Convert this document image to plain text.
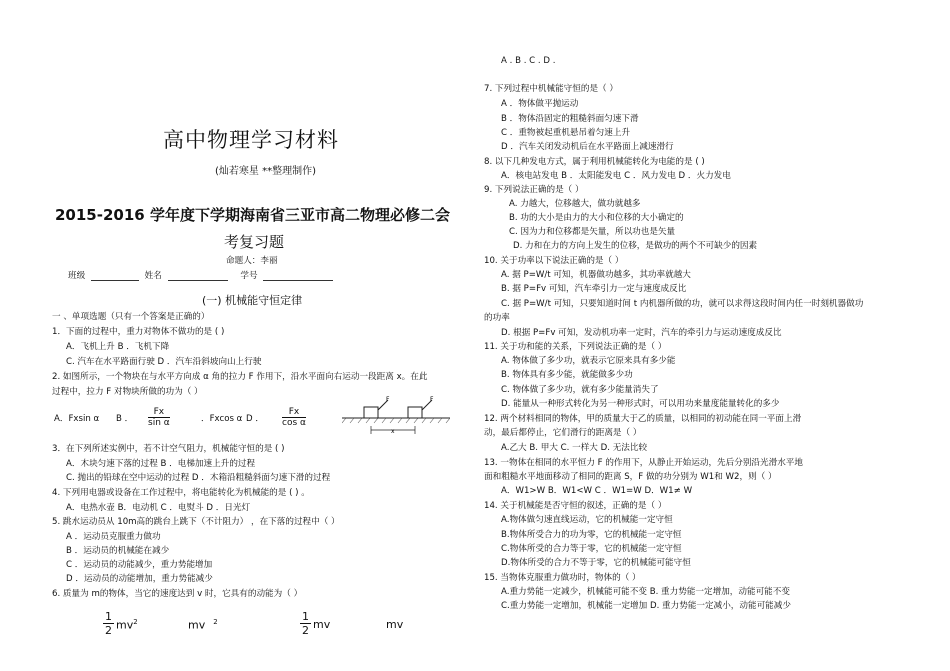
高中物理学习材料
(灿若寒星 **整理制作)
2015-2016 学年度下学期海南省三亚市高二物理必修二会
考复习题
命题人：李丽
班级	姓名	学号
(一) 机械能守恒定律
一 、单项选题（只有一个答案是正确的）
1．下面的过程中，重力对物体不做功的是 ( )
A．飞机上升 B ．飞机下降
C. 汽车在水平路面行驶 D ．汽车沿斜坡向山上行驶
2. 如图所示，一个物块在与水平方向成 α 角的拉力 F 作用下，沿水平面向右运动一段距离 x。在此
过程中，拉力 F 对物块所做的功为（ ）
A．Fxsin α B ． $\frac{Fx}{\text{sin α}}$	．Fxcos α D ． $\frac{Fx}{\text{cos α}}$
F	F
x
3．在下列所述实例中，若不计空气阻力，机械能守恒的是 ( )
A．木块匀速下落的过程 B ．电梯加速上升的过程
C. 抛出的铅球在空中运动的过程 D ．木箱沿粗糙斜面匀速下滑的过程
4. 下列用电器或设备在工作过程中，将电能转化为机械能的是 ( ) 。
A．电热水壶 B．电动机 C ．电熨斗 D ．日光灯
5. 跳水运动员从 10m高的跳台上跳下（不计阻力） ，在下落的过程中（ ）
A ．运动员克服重力做功
B ．运动员的机械能在减少
C ．运动员的动能减少，重力势能增加
D ．运动员的动能增加，重力势能减少
6. 质量为 m的物体，当它的速度达到 v 时，它具有的动能为（ ）
$\frac{1}{2} mv^2$	mv $^2$	$\frac{1}{2}$ mv	mv
A . B . C . D .
7. 下列过程中机械能守恒的是（ ）
A ．物体做平抛运动
B ．物体沿固定的粗糙斜面匀速下滑
C ．重物被起重机悬吊着匀速上升
D ．汽车关闭发动机后在水平路面上减速滑行
8. 以下几种发电方式，属于利用机械能转化为电能的是 ( )
A．核电站发电 B ．太阳能发电 C ．风力发电 D ．火力发电
9. 下列说法正确的是（ ）
A. 力越大，位移越大，做功就越多
B. 功的大小是由力的大小和位移的大小确定的
C. 因为力和位移都是矢量，所以功也是矢量
D. 力和在力的方向上发生的位移，是做功的两个不可缺少的因素
10. 关于功率以下说法正确的是（ ）
A. 据 P=W/t 可知，机器做功越多，其功率就越大
B. 据 P=Fv 可知，汽车牵引力一定与速度成反比
C. 据 P=W/t 可知，只要知道时间 t 内机器所做的功，就可以求得这段时间内任一时刻机器做功
的功率
D. 根据 P=Fv 可知，发动机功率一定时，汽车的牵引力与运动速度成反比
11. 关于功和能的关系，下列说法正确的是（ ）
A. 物体做了多少功，就表示它原来具有多少能
B. 物体具有多少能，就能做多少功
C. 物体做了多少功，就有多少能量消失了
D. 能量从一种形式转化为另一种形式时，可以用功来量度能量转化的多少
12. 两个材料相同的物体，甲的质量大于乙的质量，以相同的初动能在同一平面上滑
动，最后都停止，它们滑行的距离是（ ）
A.乙大 B. 甲大 C. 一样大 D. 无法比较
13. 一物体在相同的水平恒力 F 的作用下，从静止开始运动，先后分别沿光滑水平地
面和粗糙水平地面移动了相同的距离 S，F 做的功分别为 W1和 W2，则（ ）
A．W1>W B．W1<W C ．W1=W D．W1≠ W
14. 关于机械能是否守恒的叙述，正确的是（ ）
A.物体做匀速直线运动，它的机械能一定守恒
B.物体所受合力的功为零，它的机械能一定守恒
C.物体所受的合力等于零，它的机械能一定守恒
D.物体所受的合力不等于零，它的机械能可能守恒
15. 当物体克服重力做功时，物体的（ ）
A.重力势能一定减少，机械能可能不变 B. 重力势能一定增加，动能可能不变
C.重力势能一定增加，机械能一定增加 D. 重力势能一定减小，动能可能减少
